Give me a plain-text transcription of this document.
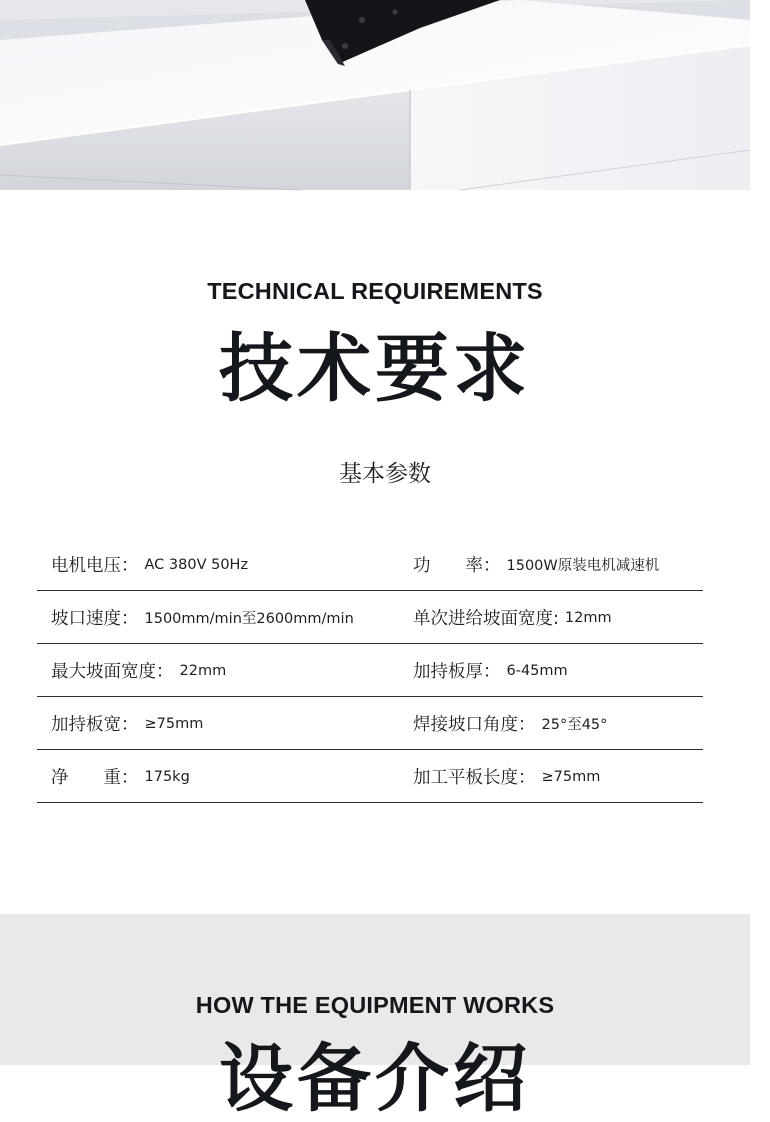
TECHNICAL REQUIREMENTS
技术要求
基本参数
电机电压： AC 380V 50Hz	功　　率： 1500W原装电机减速机
坡口速度： 1500mm/min至2600mm/min	单次进给坡面宽度: 12mm
最大坡面宽度： 22mm	加持板厚： 6-45mm
加持板宽： ≥75mm	焊接坡口角度： 25°至45°
净　　重： 175kg	加工平板长度： ≥75mm
HOW THE EQUIPMENT WORKS
设备介绍
